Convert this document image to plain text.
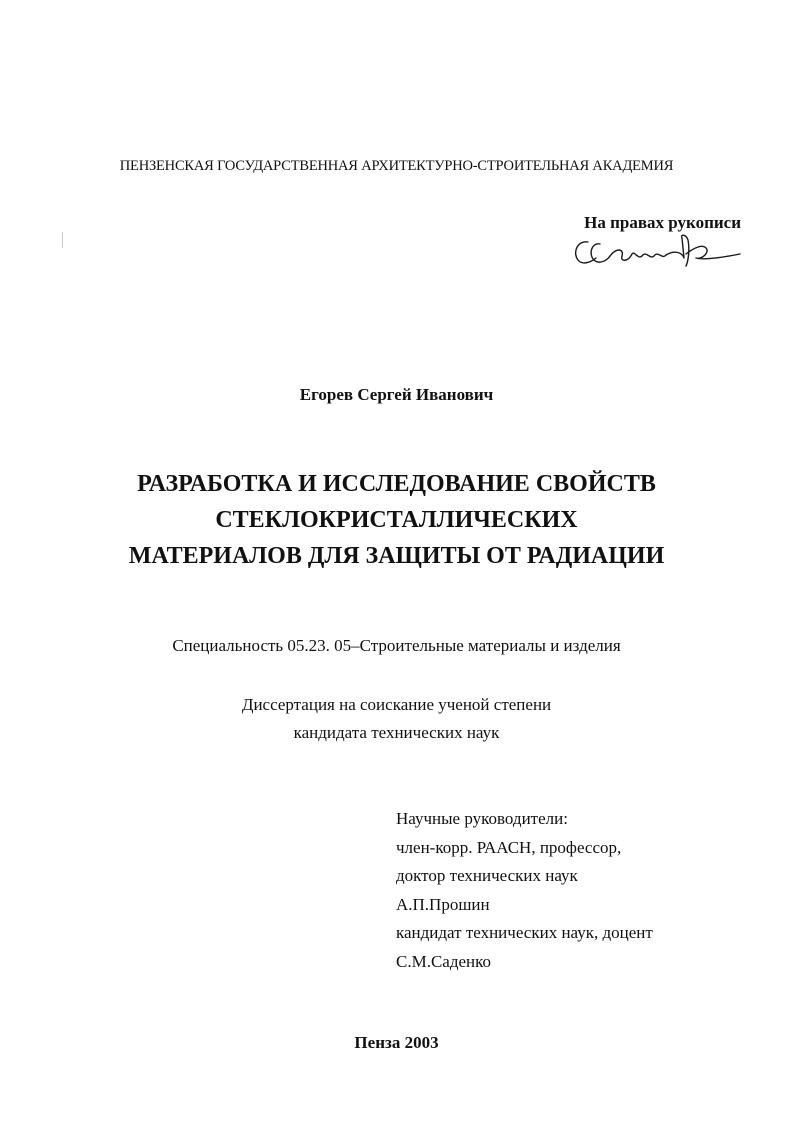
ПЕНЗЕНСКАЯ ГОСУДАРСТВЕННАЯ АРХИТЕКТУРНО-СТРОИТЕЛЬНАЯ АКАДЕМИЯ

На правах рукописи

Егорев Сергей Иванович

РАЗРАБОТКА И ИССЛЕДОВАНИЕ СВОЙСТВ
СТЕКЛОКРИСТАЛЛИЧЕСКИХ
МАТЕРИАЛОВ ДЛЯ ЗАЩИТЫ ОТ РАДИАЦИИ

Специальность 05.23. 05–Строительные материалы и изделия

Диссертация на соискание ученой степени
кандидата технических наук
Научные руководители:
член-корр. РААСН, профессор,
доктор технических наук
А.П.Прошин
кандидат технических наук, доцент
С.М.Саденко

Пенза 2003
